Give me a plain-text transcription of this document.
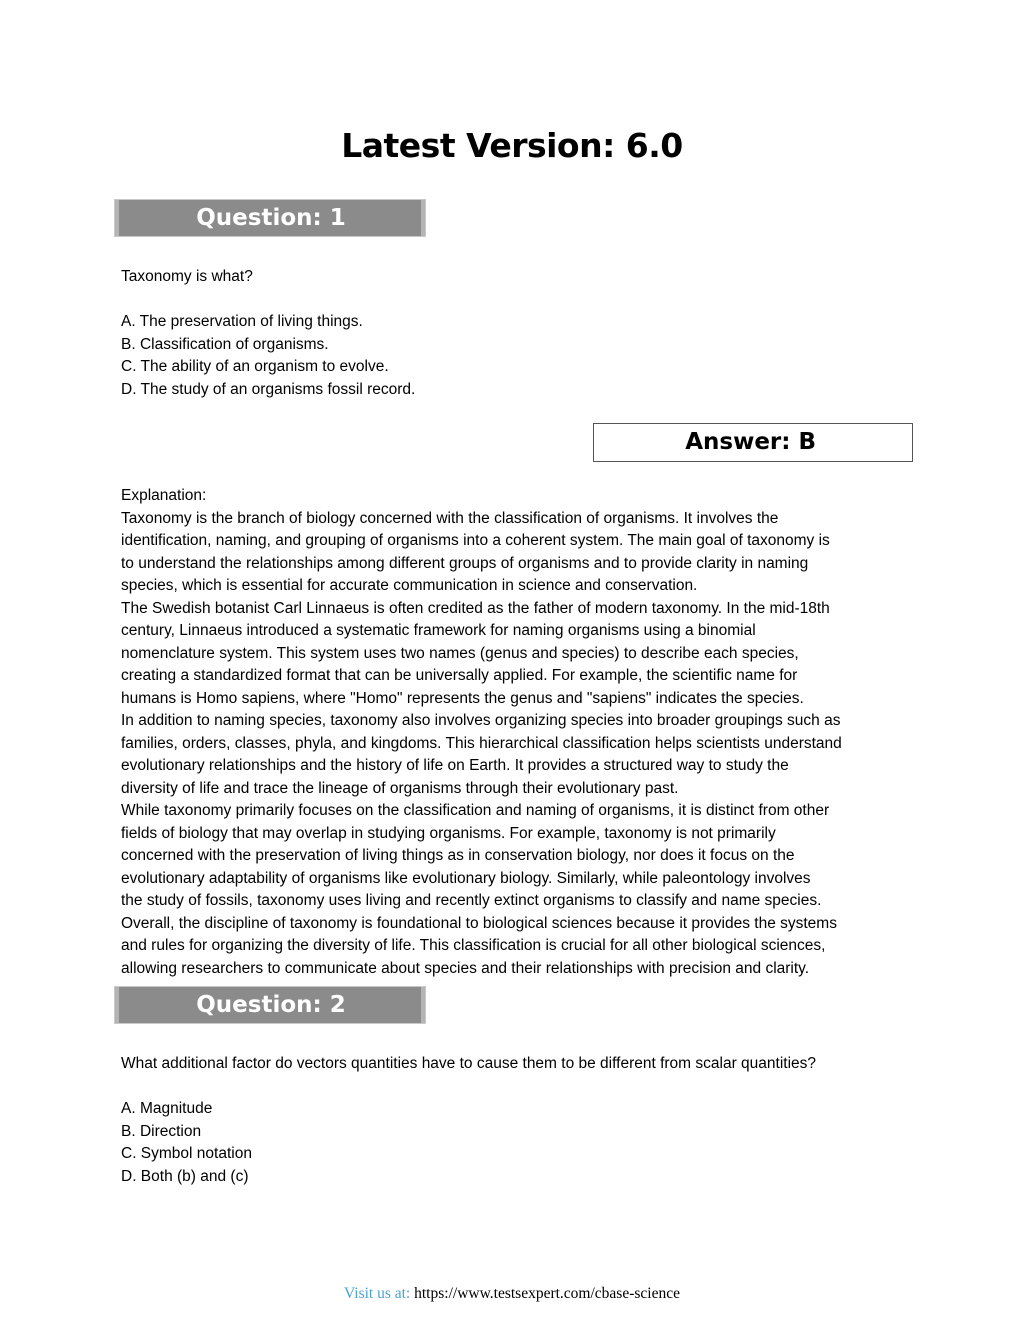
Latest Version: 6.0
Question: 1
Taxonomy is what?
A. The preservation of living things.
B. Classification of organisms.
C. The ability of an organism to evolve.
D. The study of an organisms fossil record.
Answer: B
Explanation:
Taxonomy is the branch of biology concerned with the classification of organisms. It involves the
identification, naming, and grouping of organisms into a coherent system. The main goal of taxonomy is
to understand the relationships among different groups of organisms and to provide clarity in naming
species, which is essential for accurate communication in science and conservation.
The Swedish botanist Carl Linnaeus is often credited as the father of modern taxonomy. In the mid-18th
century, Linnaeus introduced a systematic framework for naming organisms using a binomial
nomenclature system. This system uses two names (genus and species) to describe each species,
creating a standardized format that can be universally applied. For example, the scientific name for
humans is Homo sapiens, where "Homo" represents the genus and "sapiens" indicates the species.
In addition to naming species, taxonomy also involves organizing species into broader groupings such as
families, orders, classes, phyla, and kingdoms. This hierarchical classification helps scientists understand
evolutionary relationships and the history of life on Earth. It provides a structured way to study the
diversity of life and trace the lineage of organisms through their evolutionary past.
While taxonomy primarily focuses on the classification and naming of organisms, it is distinct from other
fields of biology that may overlap in studying organisms. For example, taxonomy is not primarily
concerned with the preservation of living things as in conservation biology, nor does it focus on the
evolutionary adaptability of organisms like evolutionary biology. Similarly, while paleontology involves
the study of fossils, taxonomy uses living and recently extinct organisms to classify and name species.
Overall, the discipline of taxonomy is foundational to biological sciences because it provides the systems
and rules for organizing the diversity of life. This classification is crucial for all other biological sciences,
allowing researchers to communicate about species and their relationships with precision and clarity.
Question: 2
What additional factor do vectors quantities have to cause them to be different from scalar quantities?
A. Magnitude
B. Direction
C. Symbol notation
D. Both (b) and (c)
Visit us at: https://www.testsexpert.com/cbase-science
